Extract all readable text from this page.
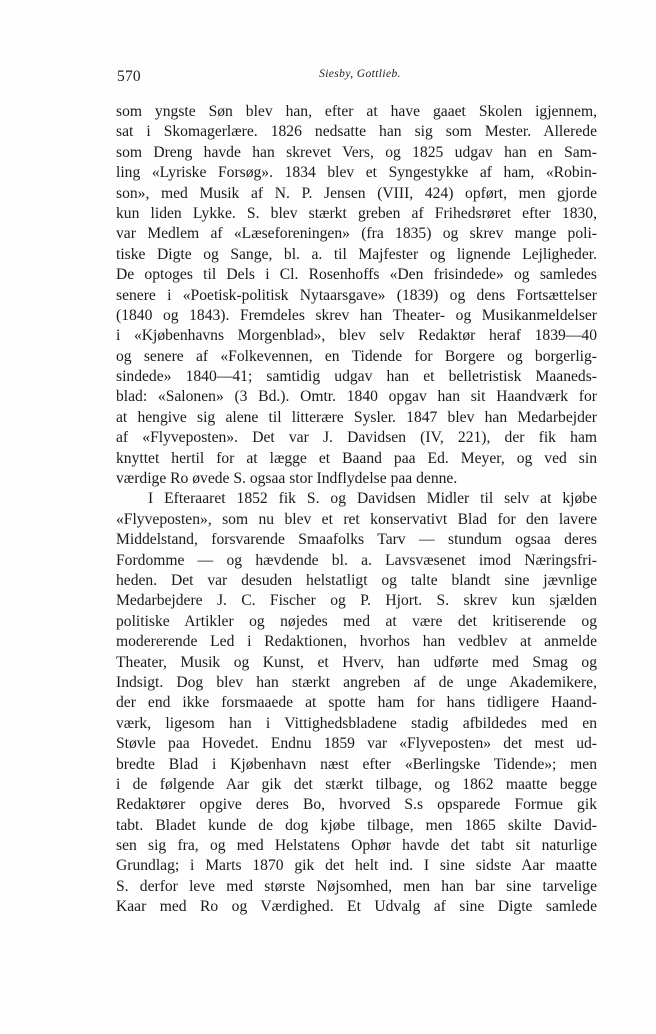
570	Siesby, Gottlieb.
som yngste Søn blev han, efter at have gaaet Skolen igjennem,
sat i Skomagerlære. 1826 nedsatte han sig som Mester. Allerede
som Dreng havde han skrevet Vers, og 1825 udgav han en Sam-
ling «Lyriske Forsøg». 1834 blev et Syngestykke af ham, «Robin-
son», med Musik af N. P. Jensen (VIII, 424) opført, men gjorde
kun liden Lykke. S. blev stærkt greben af Frihedsrøret efter 1830,
var Medlem af «Læseforeningen» (fra 1835) og skrev mange poli-
tiske Digte og Sange, bl. a. til Majfester og lignende Lejligheder.
De optoges til Dels i Cl. Rosenhoffs «Den frisindede» og samledes
senere i «Poetisk-politisk Nytaarsgave» (1839) og dens Fortsættelser
(1840 og 1843). Fremdeles skrev han Theater- og Musikanmeldelser
i «Kjøbenhavns Morgenblad», blev selv Redaktør heraf 1839—40
og senere af «Folkevennen, en Tidende for Borgere og borgerlig-
sindede» 1840—41; samtidig udgav han et belletristisk Maaneds-
blad: «Salonen» (3 Bd.). Omtr. 1840 opgav han sit Haandværk for
at hengive sig alene til litterære Sysler. 1847 blev han Medarbejder
af «Flyveposten». Det var J. Davidsen (IV, 221), der fik ham
knyttet hertil for at lægge et Baand paa Ed. Meyer, og ved sin
værdige Ro øvede S. ogsaa stor Indflydelse paa denne.
I Efteraaret 1852 fik S. og Davidsen Midler til selv at kjøbe
«Flyveposten», som nu blev et ret konservativt Blad for den lavere
Middelstand, forsvarende Smaafolks Tarv — stundum ogsaa deres
Fordomme — og hævdende bl. a. Lavsvæsenet imod Næringsfri-
heden. Det var desuden helstatligt og talte blandt sine jævnlige
Medarbejdere J. C. Fischer og P. Hjort. S. skrev kun sjælden
politiske Artikler og nøjedes med at være det kritiserende og
modererende Led i Redaktionen, hvorhos han vedblev at anmelde
Theater, Musik og Kunst, et Hverv, han udførte med Smag og
Indsigt. Dog blev han stærkt angreben af de unge Akademikere,
der end ikke forsmaaede at spotte ham for hans tidligere Haand-
værk, ligesom han i Vittighedsbladene stadig afbildedes med en
Støvle paa Hovedet. Endnu 1859 var «Flyveposten» det mest ud-
bredte Blad i Kjøbenhavn næst efter «Berlingske Tidende»; men
i de følgende Aar gik det stærkt tilbage, og 1862 maatte begge
Redaktører opgive deres Bo, hvorved S.s opsparede Formue gik
tabt. Bladet kunde de dog kjøbe tilbage, men 1865 skilte David-
sen sig fra, og med Helstatens Ophør havde det tabt sit naturlige
Grundlag; i Marts 1870 gik det helt ind. I sine sidste Aar maatte
S. derfor leve med største Nøjsomhed, men han bar sine tarvelige
Kaar med Ro og Værdighed. Et Udvalg af sine Digte samlede
